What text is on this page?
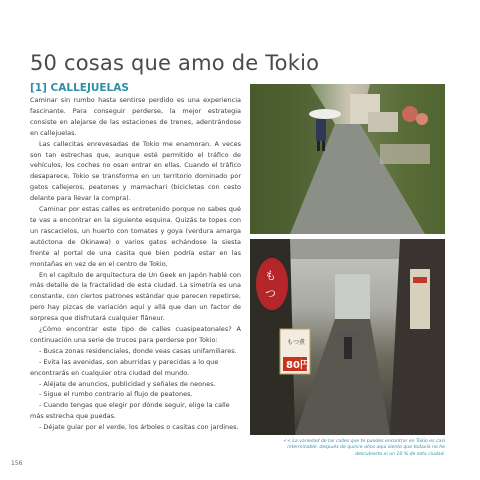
50 cosas que amo de Tokio
[1] CALLEJUELAS

Caminar sin rumbo hasta sentirse perdido es una experiencia fascinante. Para conseguir perderse, la mejor estrategia consiste en alejarse de las estaciones de trenes, adentrándose en callejuelas.

Las callecitas enrevesadas de Tokio me enamoran. A veces son tan estrechas que, aunque esté permitido el tráfico de vehículos, los coches no osan entrar en ellas. Cuando el tráfico desaparece, Tokio se transforma en un territorio dominado por gatos callejeros, peatones y mamachari (bicicletas con cesto delante para llevar la compra).

Caminar por estas calles es entretenido porque no sabes qué te vas a encontrar en la siguiente esquina. Quizás te topes con un rascacielos, un huerto con tomates y goya (verdura amarga autóctona de Okinawa) o varios gatos echándose la siesta frente al portal de una casita que bien podría estar en las montañas en vez de en el centro de Tokio.

En el capítulo de arquitectura de Un Geek en Japón hablé con más detalle de la fractalidad de esta ciudad. La simetría es una constante, con ciertos patrones estándar que parecen repetirse, pero hay pizcas de variación aquí y allá que dan un factor de sorpresa que disfrutará cualquier flâneur.

¿Cómo encontrar este tipo de calles cuasipeatonales? A continuación una serie de trucos para perderse por Tokio:

- Busca zonas residenciales, donde veas casas unifamiliares.

- Evita las avenidas, son aburridas y parecidas a lo que encontrarás en cualquier otra ciudad del mundo.

- Aléjate de anuncios, publicidad y señales de neones.

- Sigue el rumbo contrario al flujo de peatones.

- Cuando tengas que elegir por dónde seguir, elige la calle más estrecha que puedas.

- Déjate guiar por el verde, los árboles o casitas con jardines.

も
つ
もつ煮
80円
<< La variedad de las calles que te puedes encontrar en Tokio es casi interminable, después de quince años aquí siento que todavía no he descubierto ni un 10 % de esta ciudad.
156
